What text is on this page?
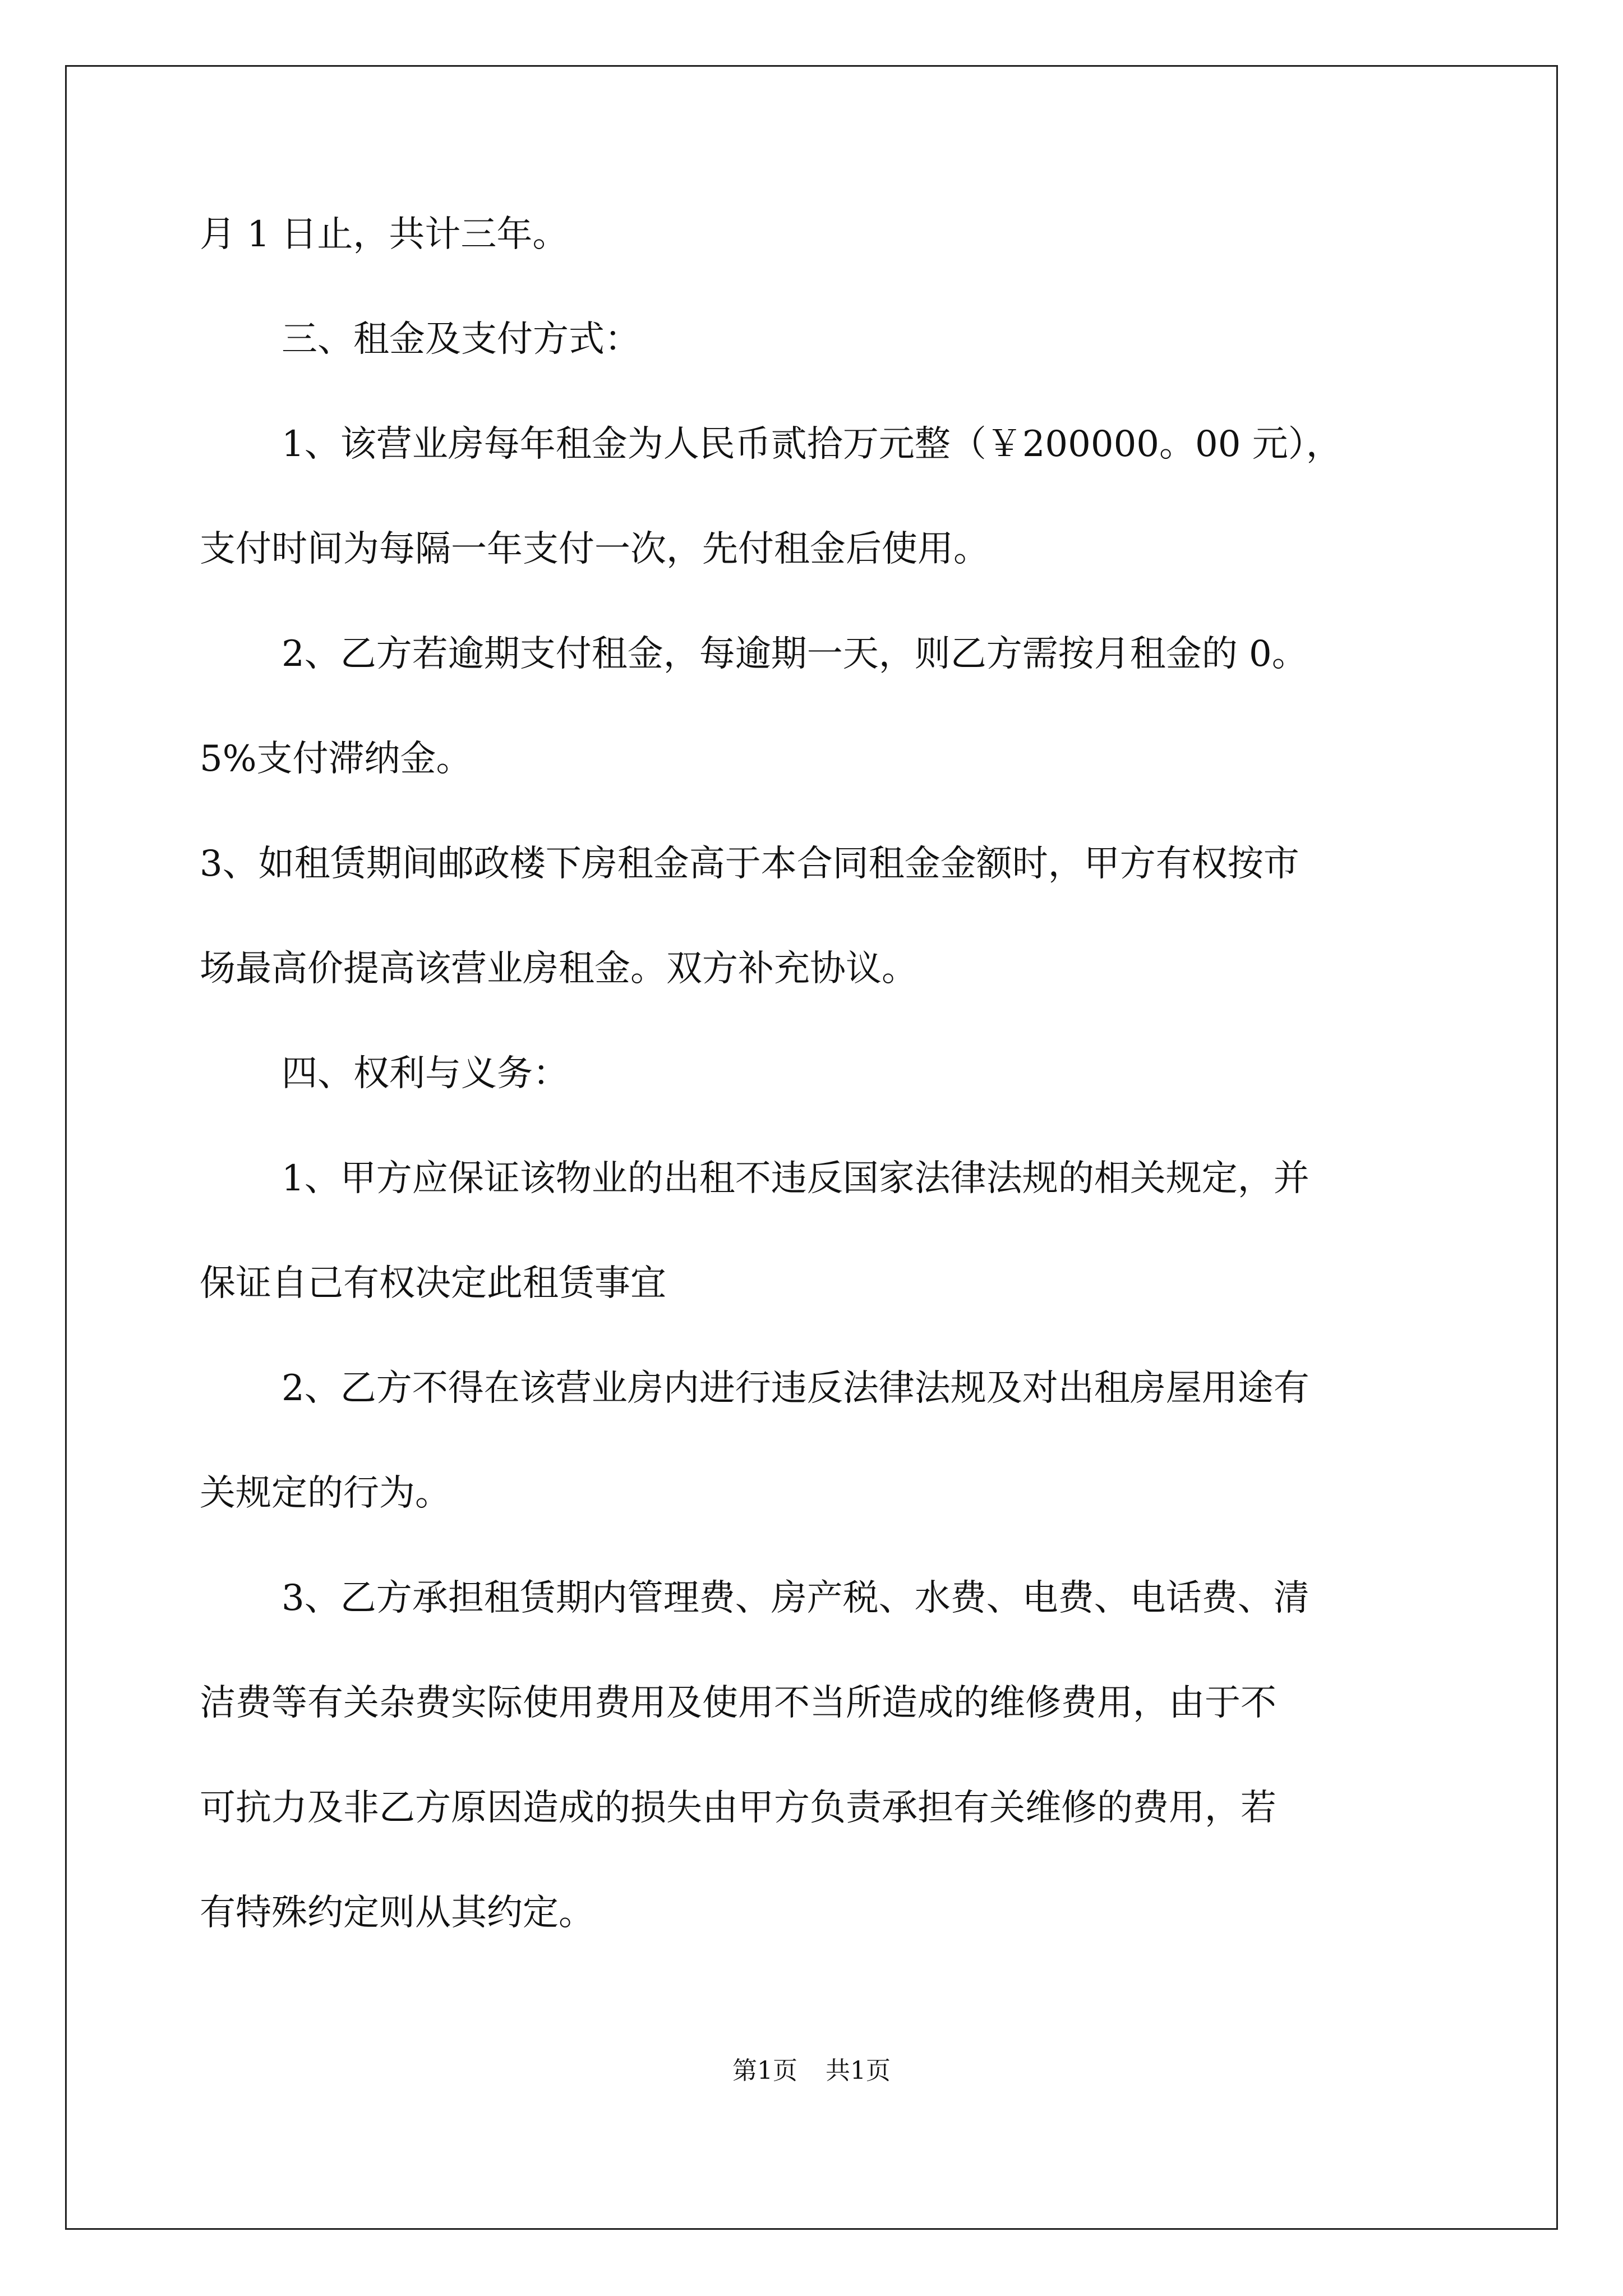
月 1 日止，共计三年。
三、租金及支付方式：
1、该营业房每年租金为人民币贰拾万元整（￥200000。00 元），
支付时间为每隔一年支付一次，先付租金后使用。
2、乙方若逾期支付租金，每逾期一天，则乙方需按月租金的 0。
5%支付滞纳金。
3、如租赁期间邮政楼下房租金高于本合同租金金额时，甲方有权按市
场最高价提高该营业房租金。双方补充协议。
四、权利与义务：
1、甲方应保证该物业的出租不违反国家法律法规的相关规定，并
保证自己有权决定此租赁事宜
2、乙方不得在该营业房内进行违反法律法规及对出租房屋用途有
关规定的行为。
3、乙方承担租赁期内管理费、房产税、水费、电费、电话费、清
洁费等有关杂费实际使用费用及使用不当所造成的维修费用，由于不
可抗力及非乙方原因造成的损失由甲方负责承担有关维修的费用，若
有特殊约定则从其约定。
第1页 共1页
